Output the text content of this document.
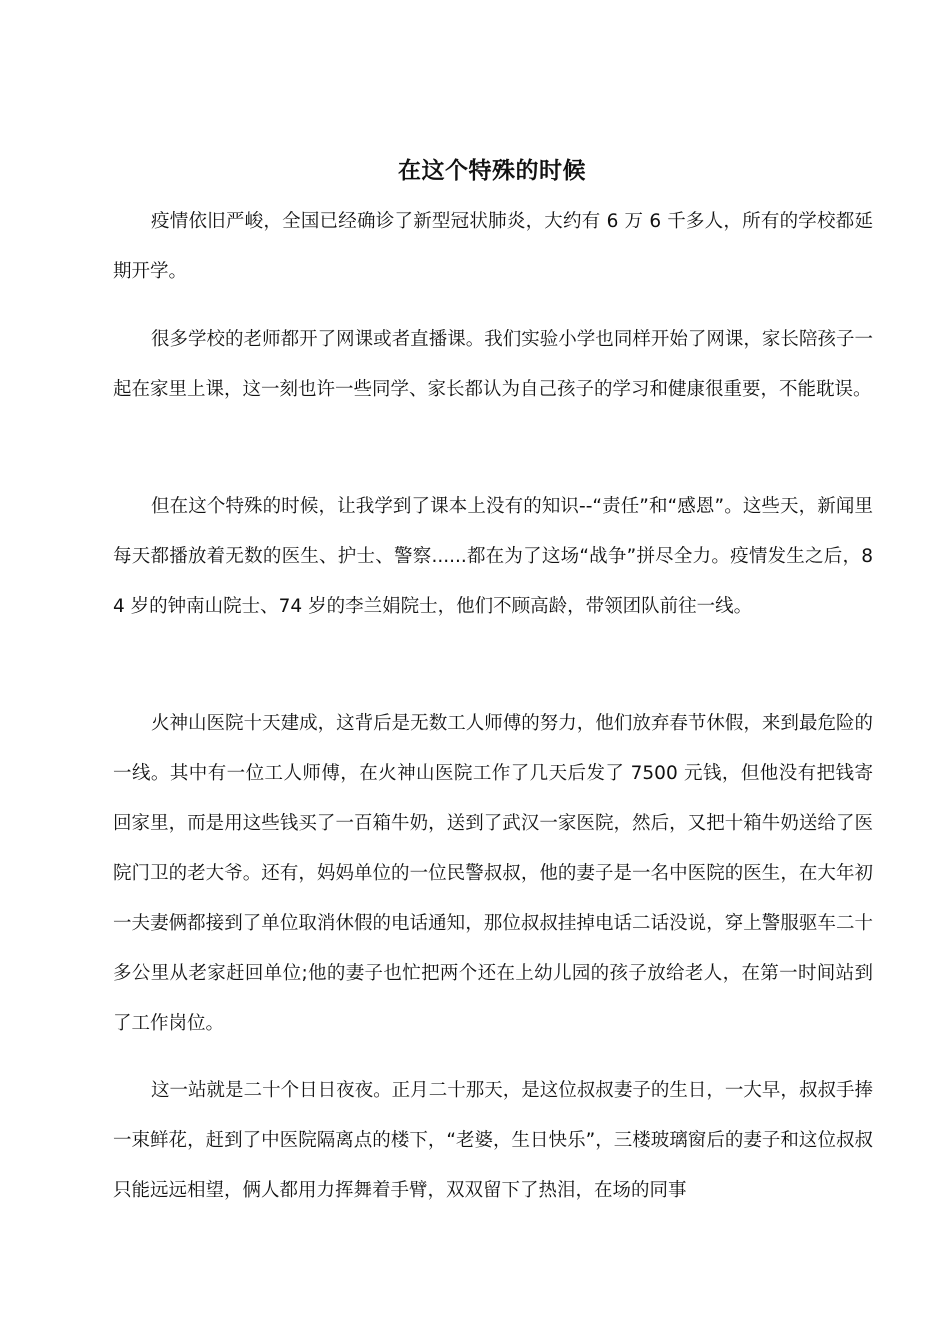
在这个特殊的时候

疫情依旧严峻，全国已经确诊了新型冠状肺炎，大约有 6 万 6 千多人，所有的学校都延期开学。

很多学校的老师都开了网课或者直播课。我们实验小学也同样开始了网课，家长陪孩子一起在家里上课，这一刻也许一些同学、家长都认为自己孩子的学习和健康很重要，不能耽误。

但在这个特殊的时候，让我学到了课本上没有的知识--“责任”和“感恩”。这些天，新闻里每天都播放着无数的医生、护士、警察......都在为了这场“战争”拼尽全力。疫情发生之后，84 岁的钟南山院士、74 岁的李兰娟院士，他们不顾高龄，带领团队前往一线。

火神山医院十天建成，这背后是无数工人师傅的努力，他们放弃春节休假，来到最危险的一线。其中有一位工人师傅，在火神山医院工作了几天后发了 7500 元钱，但他没有把钱寄回家里，而是用这些钱买了一百箱牛奶，送到了武汉一家医院，然后，又把十箱牛奶送给了医院门卫的老大爷。还有，妈妈单位的一位民警叔叔，他的妻子是一名中医院的医生，在大年初一夫妻俩都接到了单位取消休假的电话通知，那位叔叔挂掉电话二话没说，穿上警服驱车二十多公里从老家赶回单位;他的妻子也忙把两个还在上幼儿园的孩子放给老人，在第一时间站到了工作岗位。

这一站就是二十个日日夜夜。正月二十那天，是这位叔叔妻子的生日，一大早，叔叔手捧一束鲜花，赶到了中医院隔离点的楼下，“老婆，生日快乐”，三楼玻璃窗后的妻子和这位叔叔只能远远相望，俩人都用力挥舞着手臂，双双留下了热泪，在场的同事
